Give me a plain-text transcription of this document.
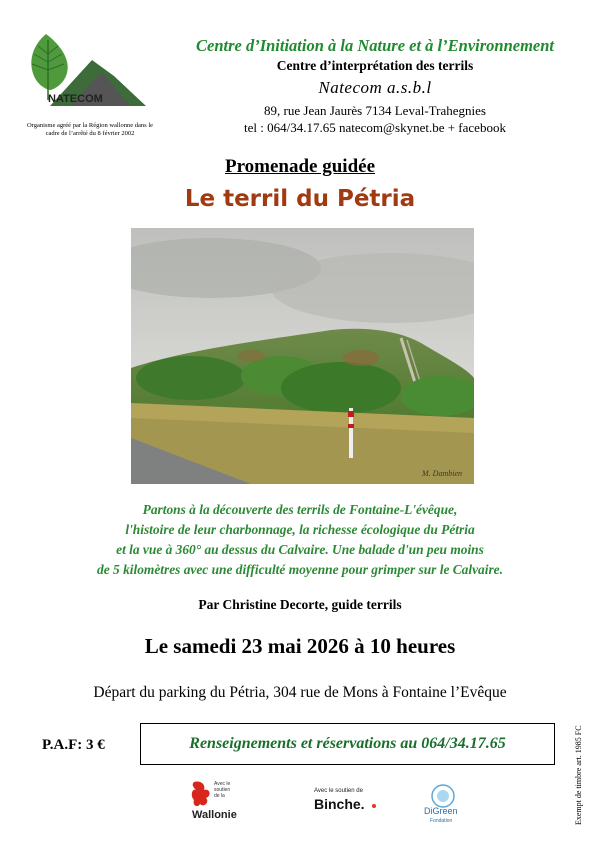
NATECOM
Organisme agréé par la Région wallonne dans le cadre de l’arrêté du 8 février 2002
Centre d’Initiation à la Nature et à l’Environnement
Centre d’interprétation des terrils
Natecom a.s.b.l
89, rue Jean Jaurès 7134 Leval-Trahegnies
tel : 064/34.17.65 natecom@skynet.be + facebook
Promenade guidée
Le terril du Pétria
M. Dambien
Partons à la découverte des terrils de Fontaine-L'évêque,
l'histoire de leur charbonnage, la richesse écologique du Pétria
et la vue à 360° au dessus du Calvaire. Une balade d'un peu moins
de 5 kilomètres avec une difficulté moyenne pour grimper sur le Calvaire.
Par Christine Decorte, guide terrils
Le samedi 23 mai 2026 à 10 heures
Départ du parking du Pétria, 304 rue de Mons à Fontaine l’Evêque
P.A.F: 3 €	Renseignements et réservations au 064/34.17.65	Exempt de timbre art. 1985 FC
Avec le
soutien
de la
Wallonie
Avec le soutien de
Binche.	DiGreen
Fondation
